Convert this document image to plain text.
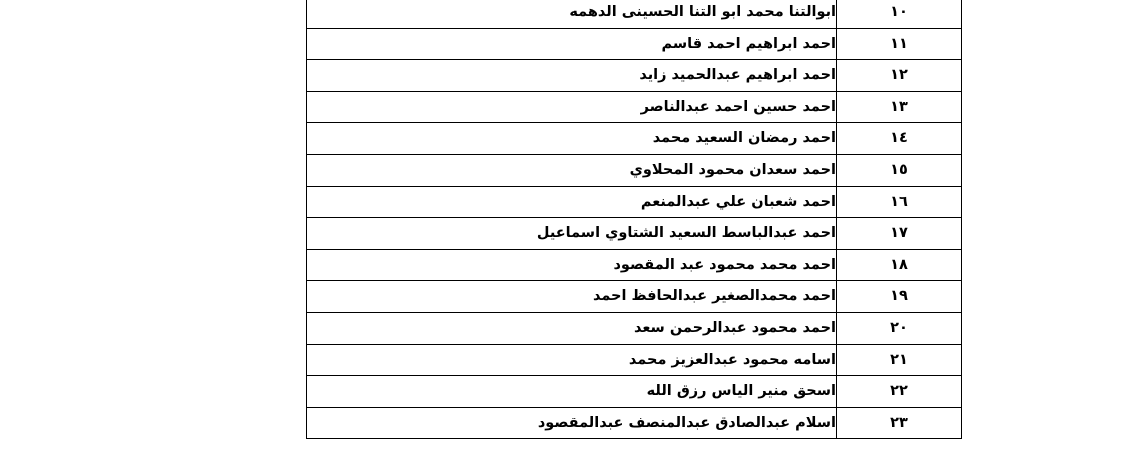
١٠	ابوالتنا محمد ابو التنا الحسينى الدهمه
١١	احمد ابراهيم احمد قاسم
١٢	احمد ابراهيم عبدالحميد زايد
١٣	احمد حسين احمد عبدالناصر
١٤	احمد رمضان السعيد محمد
١٥	احمد سعدان محمود المحلاوي
١٦	احمد شعبان علي عبدالمنعم
١٧	احمد عبدالباسط السعيد الشتاوي اسماعيل
١٨	احمد محمد محمود عبد المقصود
١٩	احمد محمدالصغير عبدالحافظ احمد
٢٠	احمد محمود عبدالرحمن سعد
٢١	اسامه محمود عبدالعزيز محمد
٢٢	اسحق منير الياس رزق الله
٢٣	اسلام عبدالصادق عبدالمنصف عبدالمقصود
